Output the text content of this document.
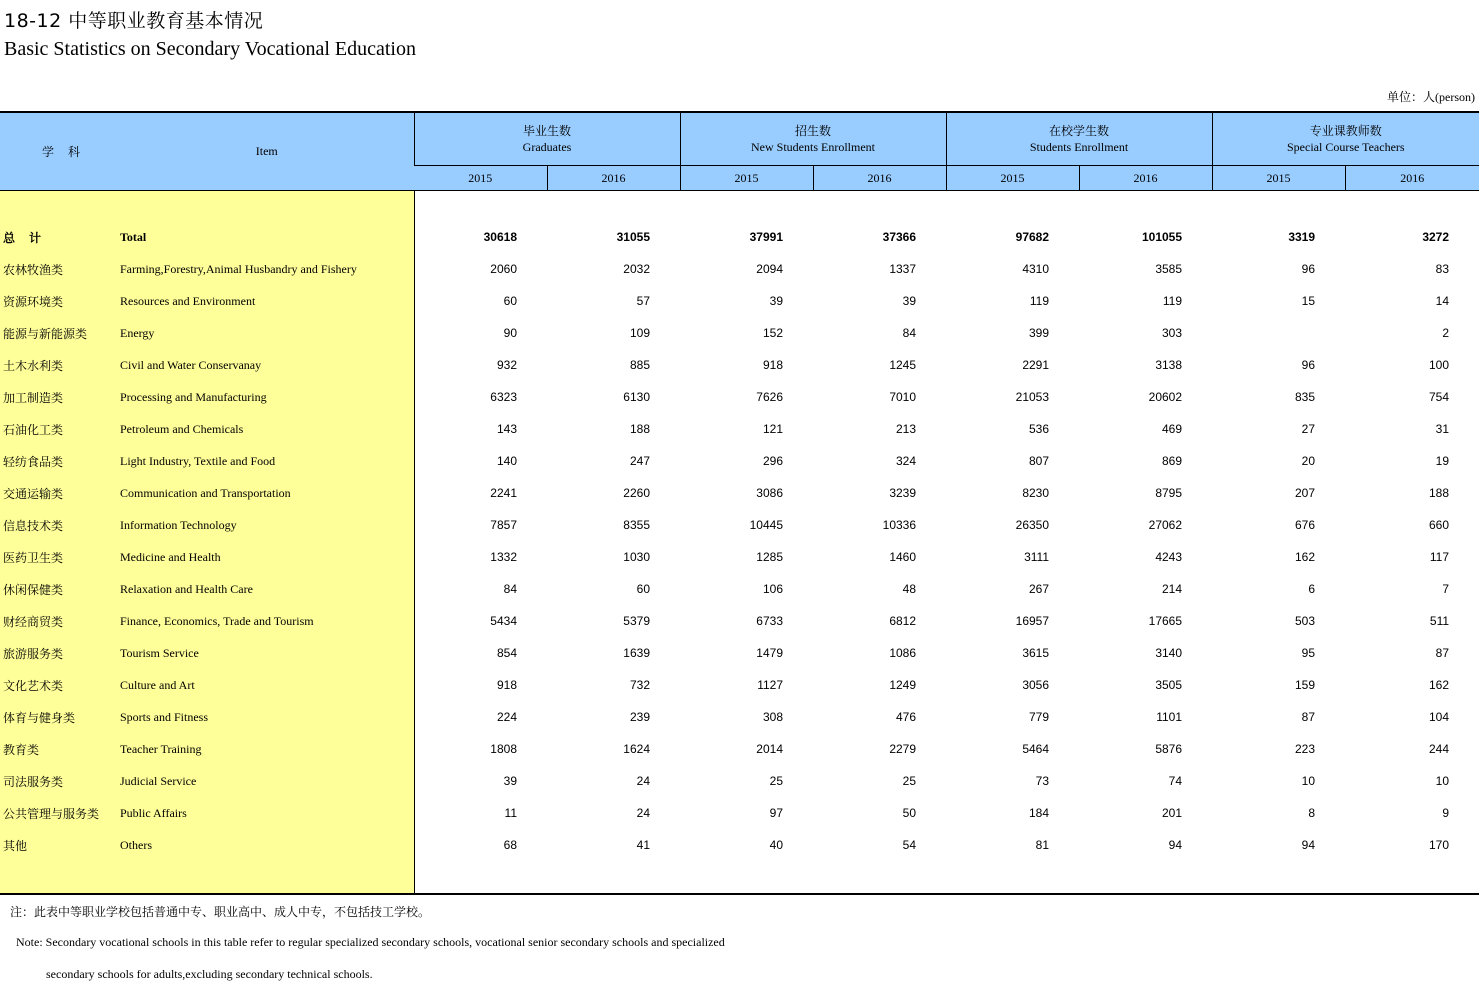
18-12 中等职业教育基本情况
Basic Statistics on Secondary Vocational Education
单位：人(person)
学科	Item	毕业生数
Graduates		招生数
New Students Enrollment		在校学生数
Students Enrollment		专业课教师数
Special Course Teachers	

		2015	2016	2015	2016	2015	2016	2015	2016

总计	Total	30618	31055	37991	37366	97682	101055	3319	3272
农林牧渔类	Farming,Forestry,Animal Husbandry and Fishery	2060	2032	2094	1337	4310	3585	96	83
资源环境类	Resources and Environment	60	57	39	39	119	119	15	14
能源与新能源类	Energy	90	109	152	84	399	303		2
土木水利类	Civil and Water Conservanay	932	885	918	1245	2291	3138	96	100
加工制造类	Processing and Manufacturing	6323	6130	7626	7010	21053	20602	835	754
石油化工类	Petroleum and Chemicals	143	188	121	213	536	469	27	31
轻纺食品类	Light Industry, Textile and Food	140	247	296	324	807	869	20	19
交通运输类	Communication and Transportation	2241	2260	3086	3239	8230	8795	207	188
信息技术类	Information Technology	7857	8355	10445	10336	26350	27062	676	660
医药卫生类	Medicine and Health	1332	1030	1285	1460	3111	4243	162	117
休闲保健类	Relaxation and Health Care	84	60	106	48	267	214	6	7
财经商贸类	Finance, Economics, Trade and Tourism	5434	5379	6733	6812	16957	17665	503	511
旅游服务类	Tourism Service	854	1639	1479	1086	3615	3140	95	87
文化艺术类	Culture and Art	918	732	1127	1249	3056	3505	159	162
体育与健身类	Sports and Fitness	224	239	308	476	779	1101	87	104
教育类	Teacher Training	1808	1624	2014	2279	5464	5876	223	244
司法服务类	Judicial Service	39	24	25	25	73	74	10	10
公共管理与服务类	Public Affairs	11	24	97	50	184	201	8	9
其他	Others	68	41	40	54	81	94	94	170

注：此表中等职业学校包括普通中专、职业高中、成人中专，不包括技工学校。
Note: Secondary vocational schools in this table refer to regular specialized secondary schools, vocational senior secondary schools and specialized
secondary schools for adults,excluding secondary technical schools.
